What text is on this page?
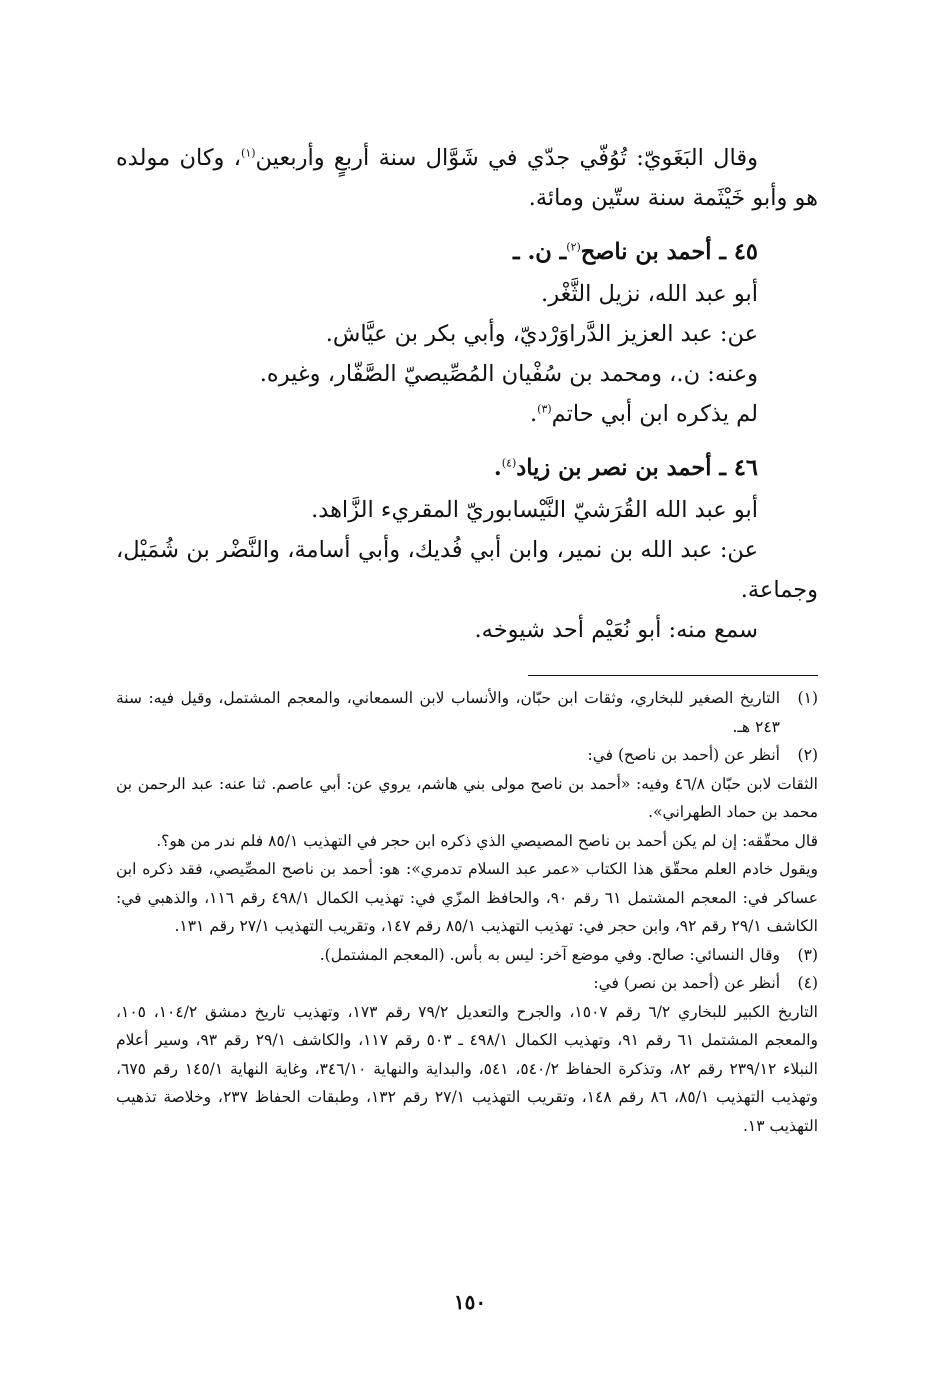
وقال البَغَويّ: تُوُفّي جدّي في شَوَّال سنة أربعٍ وأربعين$^{(١)}$، وكان مولده هو وأبو خَيْثَمة سنة ستّين ومائة.

٤٥ ـ أحمد بن ناصح$^{(٢)}$ـ ن. ـ

أبو عبد الله، نزيل الثَّغْر.

عن: عبد العزيز الدَّراوَرْديّ، وأبي بكر بن عيَّاش.

وعنه: ن.، ومحمد بن سُفْيان المُصِّيصيّ الصَّفّار، وغيره.

لم يذكره ابن أبي حاتم$^{(٣)}$.

٤٦ ـ أحمد بن نصر بن زياد$^{(٤)}$.

أبو عبد الله القُرَشيّ النَّيْسابوريّ المقريء الزَّاهد.

عن: عبد الله بن نمير، وابن أبي فُديك، وأبي أسامة، والنَّضْر بن شُمَيْل، وجماعة.

سمع منه: أبو نُعَيْم أحد شيوخه.

(١)

التاريخ الصغير للبخاري، وثقات ابن حبّان، والأنساب لابن السمعاني، والمعجم المشتمل، وقيل فيه: سنة ٢٤٣ هـ.

(٢)

أنظر عن (أحمد بن ناصح) في:

الثقات لابن حبّان ٤٦/٨ وفيه: «أحمد بن ناصح مولى بني هاشم، يروي عن: أبي عاصم. ثنا عنه: عبد الرحمن بن محمد بن حماد الطهراني».

قال محقّقه: إن لم يكن أحمد بن ناصح المصيصي الذي ذكره ابن حجر في التهذيب ٨٥/١ فلم ندر من هو؟.

ويقول خادم العلم محقّق هذا الكتاب «عمر عبد السلام تدمري»: هو: أحمد بن ناصح المصِّيصي، فقد ذكره ابن عساكر في: المعجم المشتمل ٦١ رقم ٩٠، والحافظ المزّي في: تهذيب الكمال ٤٩٨/١ رقم ١١٦، والذهبي في: الكاشف ٢٩/١ رقم ٩٢، وابن حجر في: تهذيب التهذيب ٨٥/١ رقم ١٤٧، وتقريب التهذيب ٢٧/١ رقم ١٣١.

(٣)

وقال النسائي: صالح. وفي موضع آخر: ليس به بأس. (المعجم المشتمل).

(٤)

أنظر عن (أحمد بن نصر) في:

التاريخ الكبير للبخاري ٦/٢ رقم ١٥٠٧، والجرح والتعديل ٧٩/٢ رقم ١٧٣، وتهذيب تاريخ دمشق ١٠٤/٢، ١٠٥، والمعجم المشتمل ٦١ رقم ٩١، وتهذيب الكمال ٤٩٨/١ ـ ٥٠٣ رقم ١١٧، والكاشف ٢٩/١ رقم ٩٣، وسير أعلام النبلاء ٢٣٩/١٢ رقم ٨٢، وتذكرة الحفاظ ٥٤٠/٢، ٥٤١، والبداية والنهاية ٣٤٦/١٠، وغاية النهاية ١٤٥/١ رقم ٦٧٥، وتهذيب التهذيب ٨٥/١، ٨٦ رقم ١٤٨، وتقريب التهذيب ٢٧/١ رقم ١٣٢، وطبقات الحفاظ ٢٣٧، وخلاصة تذهيب التهذيب ١٣.

١٥٠
